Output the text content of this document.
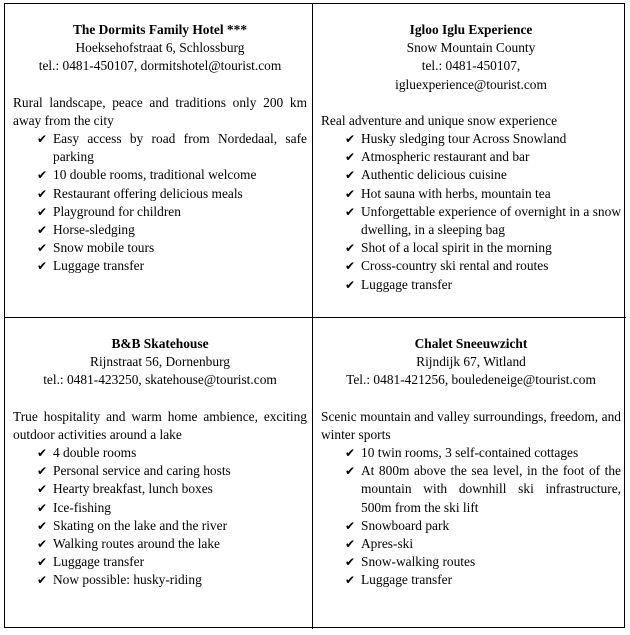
The Dormits Family Hotel ***
Hoeksehofstraat 6, Schlossburg
tel.: 0481-450107, dormitshotel@tourist.com
Rural landscape, peace and traditions only 200 km away from the city
✔ Easy access by road from Nordedaal, safe parking
✔ 10 double rooms, traditional welcome
✔ Restaurant offering delicious meals
✔ Playground for children
✔ Horse-sledging
✔ Snow mobile tours
✔ Luggage transfer
Igloo Iglu Experience
Snow Mountain County
tel.: 0481-450107,
igluexperience@tourist.com
Real adventure and unique snow experience
✔ Husky sledging tour Across Snowland
✔ Atmospheric restaurant and bar
✔ Authentic delicious cuisine
✔ Hot sauna with herbs, mountain tea
✔ Unforgettable experience of overnight in a snow dwelling, in a sleeping bag
✔ Shot of a local spirit in the morning
✔ Cross-country ski rental and routes
✔ Luggage transfer
B&B Skatehouse
Rijnstraat 56, Dornenburg
tel.: 0481-423250, skatehouse@tourist.com
True hospitality and warm home ambience, exciting outdoor activities around a lake
✔ 4 double rooms
✔ Personal service and caring hosts
✔ Hearty breakfast, lunch boxes
✔ Ice-fishing
✔ Skating on the lake and the river
✔ Walking routes around the lake
✔ Luggage transfer
✔ Now possible: husky-riding
Chalet Sneeuwzicht
Rijndijk 67, Witland
Tel.: 0481-421256, bouledeneige@tourist.com
Scenic mountain and valley surroundings, freedom, and winter sports
✔ 10 twin rooms, 3 self-contained cottages
✔ At 800m above the sea level, in the foot of the mountain with downhill ski infrastructure, 500m from the ski lift
✔ Snowboard park
✔ Apres-ski
✔ Snow-walking routes
✔ Luggage transfer
